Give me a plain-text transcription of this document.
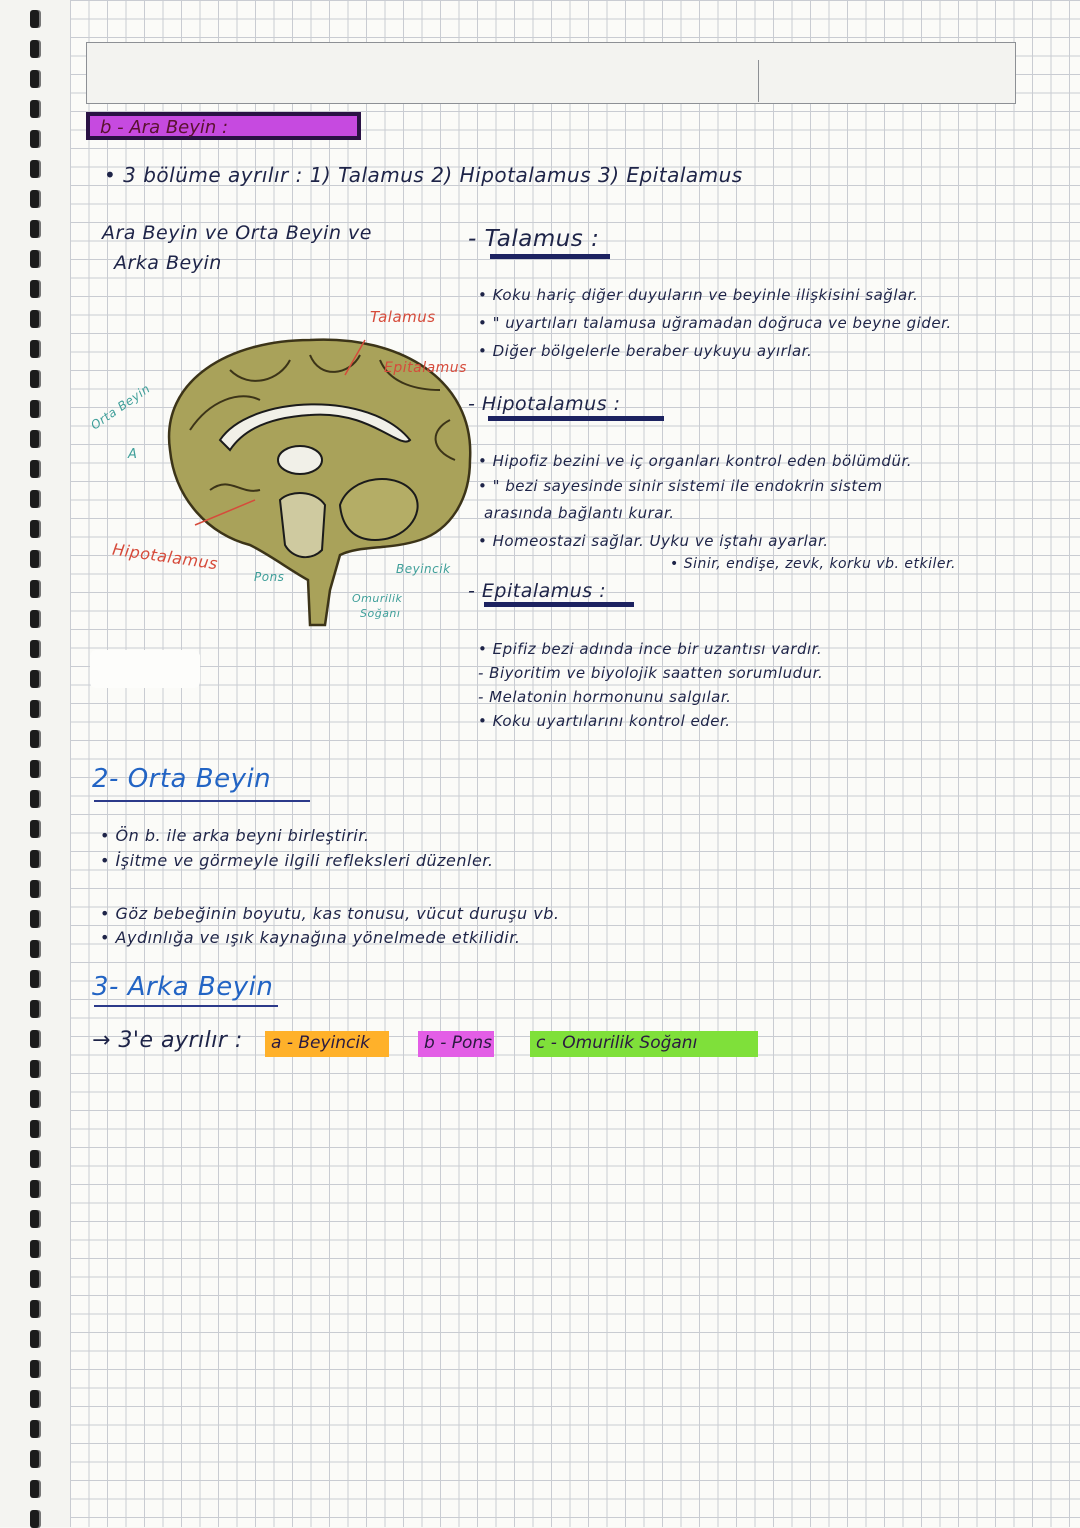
b - Ara Beyin :
• 3 bölüme ayrılır : 1) Talamus 2) Hipotalamus 3) Epitalamus
Ara Beyin ve Orta Beyin ve
Arka Beyin
Talamus
Epitalamus
Hipotalamus
Orta Beyin
A
Pons
Beyincik
Omurilik
Soğanı
- Talamus :
• Koku hariç diğer duyuların ve beyinle ilişkisini sağlar.
• " uyartıları talamusa uğramadan doğruca ve beyne gider.
• Diğer bölgelerle beraber uykuyu ayırlar.
- Hipotalamus :
• Hipofiz bezini ve iç organları kontrol eden bölümdür.
• " bezi sayesinde sinir sistemi ile endokrin sistem
arasında bağlantı kurar.
• Homeostazi sağlar. Uyku ve iştahı ayarlar.
• Sinir, endişe, zevk, korku vb. etkiler.
- Epitalamus :
• Epifiz bezi adında ince bir uzantısı vardır.
- Biyoritim ve biyolojik saatten sorumludur.
- Melatonin hormonunu salgılar.
• Koku uyartılarını kontrol eder.
2- Orta Beyin
• Ön b. ile arka beyni birleştirir.
• İşitme ve görmeyle ilgili refleksleri düzenler.
• Göz bebeğinin boyutu, kas tonusu, vücut duruşu vb.
• Aydınlığa ve ışık kaynağına yönelmede etkilidir.
3- Arka Beyin
→ 3'e ayrılır : a - Beyincik	b - Pons	c - Omurilik Soğanı
